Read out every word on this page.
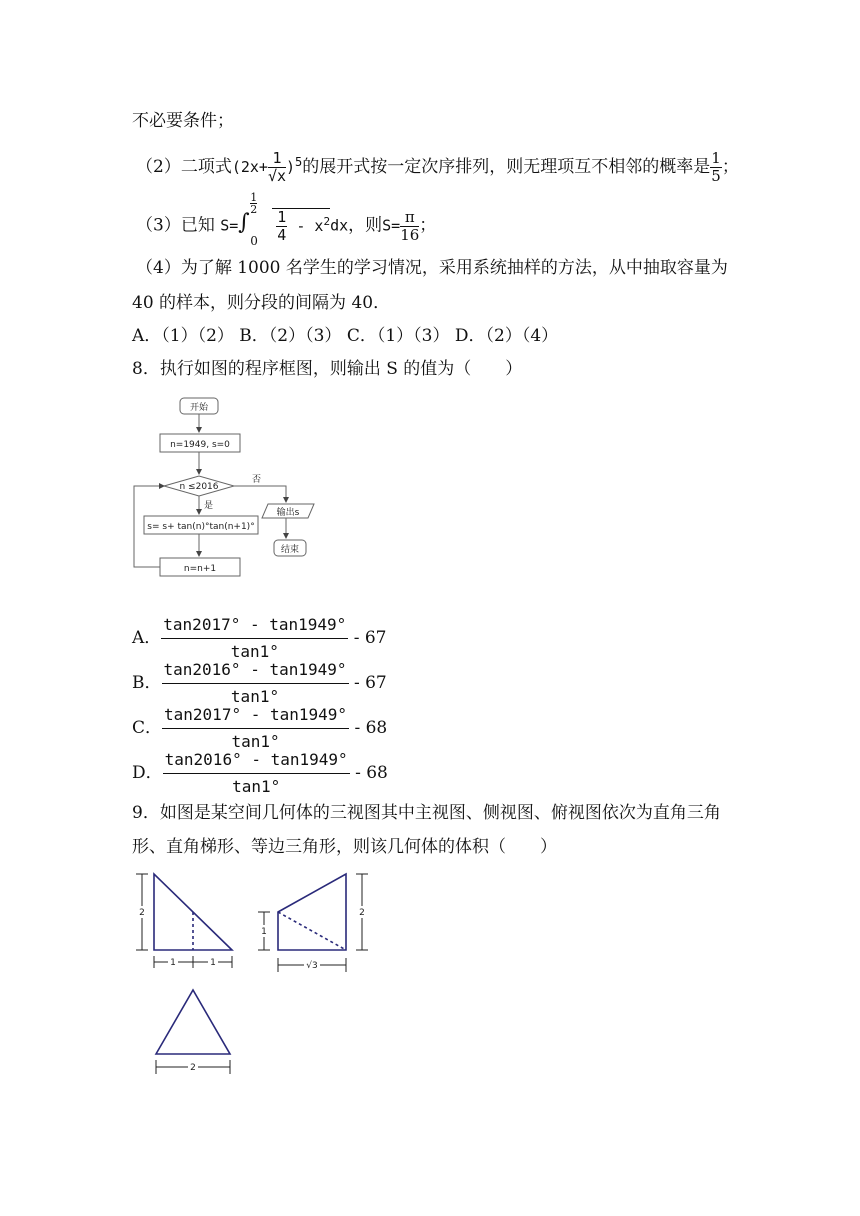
不必要条件；
（2）二项式$(2x+ \frac{1}{√x} )^5$的展开式按一定次序排列，则无理项互不相邻的概率是 $\frac{1}{5}$ ；
（3）已知 S= ∫
$\frac{1}{2}$
$0 \frac{1}{4} - x^2dx$，则$S= \frac{\pi}{16}$ ；
（4）为了解 1000 名学生的学习情况，采用系统抽样的方法，从中抽取容量为
40 的样本，则分段的间隔为 40．
A．（1）（2） B．（2）（3） C．（1）（3） D．（2）（4）
8．执行如图的程序框图，则输出 S 的值为（　　）
开始
n=1949, s=0
n ≤2016
否
是
s= s+ tan(n)°tan(n+1)°
输出s
结束
n=n+1
A． $\frac{\tan 2017^\circ - \tan 1949^\circ}{\tan 1^\circ} - 67$
B． $\frac{\tan 2016^\circ - \tan 1949^\circ}{\tan 1^\circ} - 67$
C． $\frac{\tan 2017^\circ - \tan 1949^\circ}{\tan 1^\circ} - 68$
D． $\frac{\tan 2016^\circ - \tan 1949^\circ}{\tan 1^\circ} - 68$
9．如图是某空间几何体的三视图其中主视图、侧视图、俯视图依次为直角三角
形、直角梯形、等边三角形，则该几何体的体积（　　）
2
1	1
1
2
√3
2
